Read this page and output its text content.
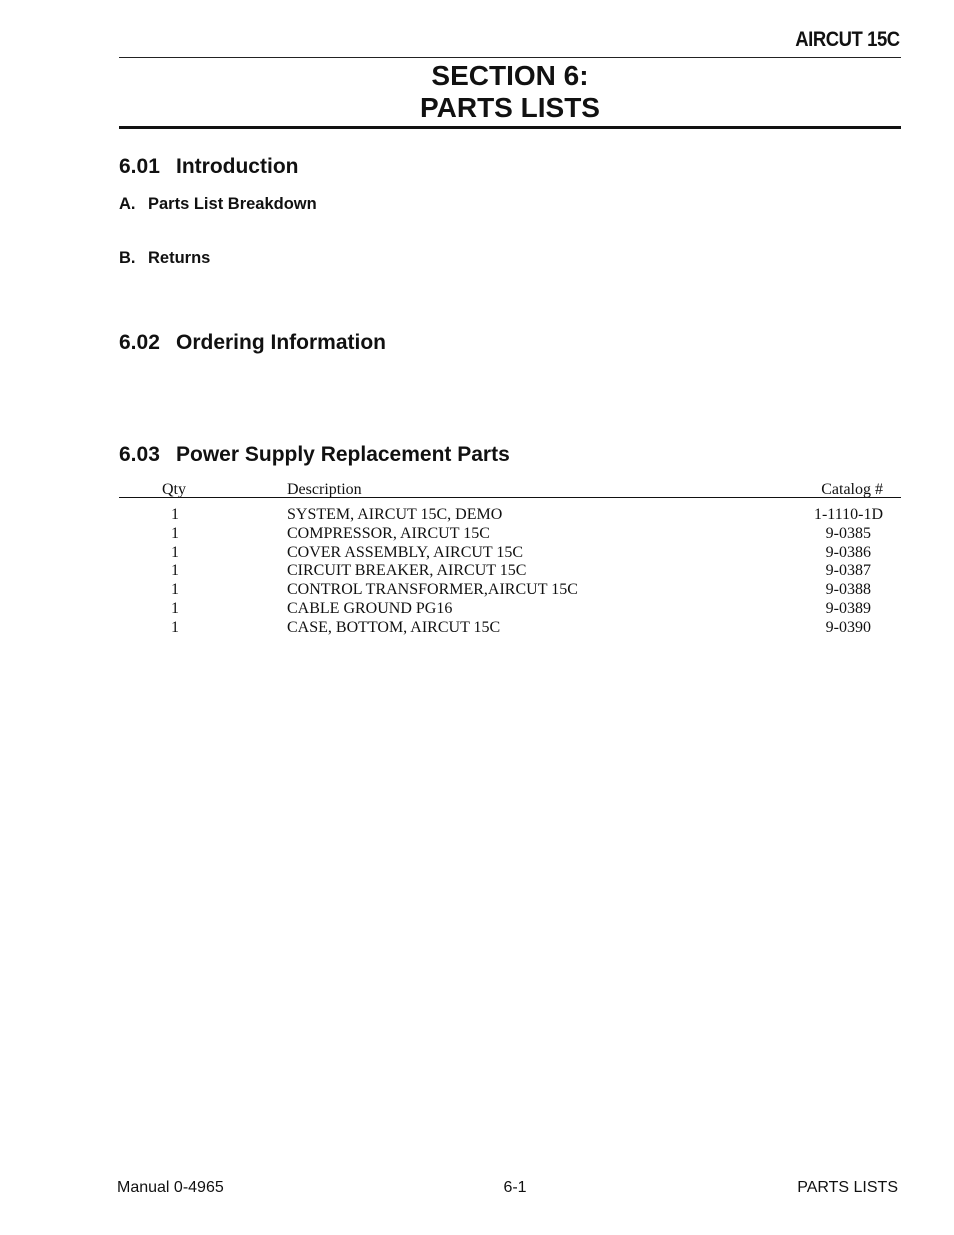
AIRCUT 15C
SECTION 6:
PARTS LISTS
6.01 Introduction
A. Parts List Breakdown
B. Returns
6.02 Ordering Information
6.03 Power Supply Replacement Parts
Qty	Description	Catalog #
1	SYSTEM, AIRCUT 15C, DEMO	1-1110-1D
1	COMPRESSOR, AIRCUT 15C	9-0385
1	COVER ASSEMBLY, AIRCUT 15C	9-0386
1	CIRCUIT BREAKER, AIRCUT 15C	9-0387
1	CONTROL TRANSFORMER,AIRCUT 15C	9-0388
1	CABLE GROUND PG16	9-0389
1	CASE, BOTTOM, AIRCUT 15C	9-0390
Manual 0-4965	6-1	PARTS LISTS
